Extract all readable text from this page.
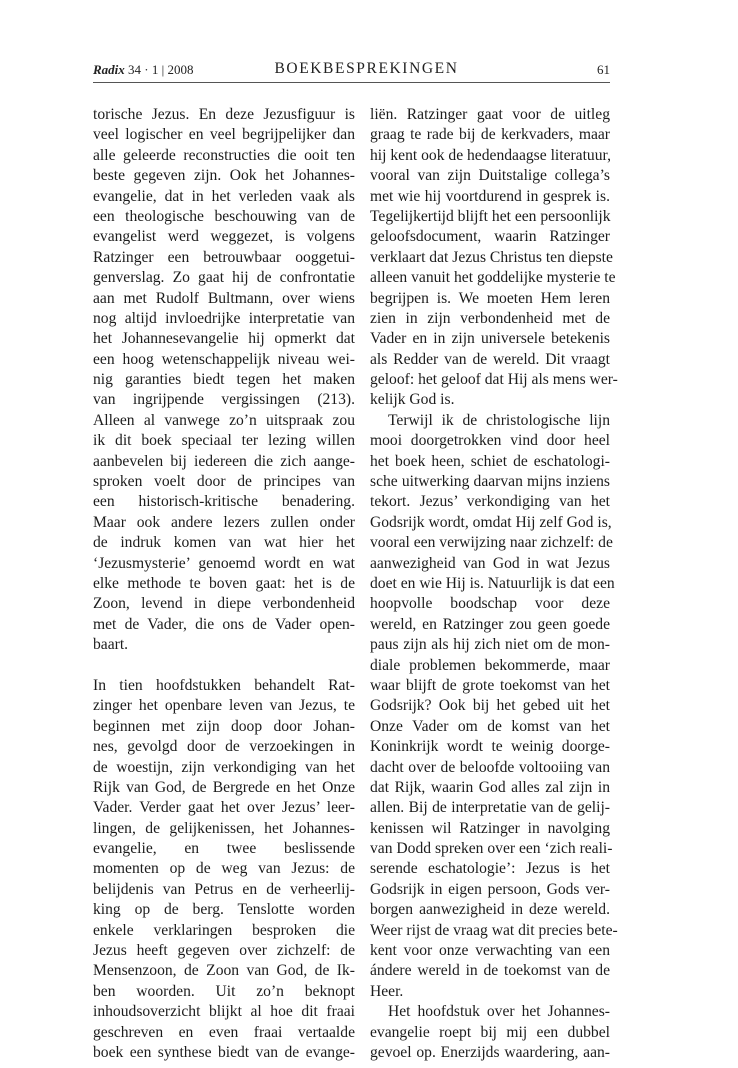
Radix 34 · 1 | 2008	BOEKBESPREKINGEN	61
torische Jezus. En deze Jezusfiguur is
veel logischer en veel begrijpelijker dan
alle geleerde reconstructies die ooit ten
beste gegeven zijn. Ook het Johannes-
evangelie, dat in het verleden vaak als
een theologische beschouwing van de
evangelist werd weggezet, is volgens
Ratzinger een betrouwbaar ooggetui-
genverslag. Zo gaat hij de confrontatie
aan met Rudolf Bultmann, over wiens
nog altijd invloedrijke interpretatie van
het Johannesevangelie hij opmerkt dat
een hoog wetenschappelijk niveau wei-
nig garanties biedt tegen het maken
van ingrijpende vergissingen (213).
Alleen al vanwege zo’n uitspraak zou
ik dit boek speciaal ter lezing willen
aanbevelen bij iedereen die zich aange-
sproken voelt door de principes van
een historisch-kritische benadering.
Maar ook andere lezers zullen onder
de indruk komen van wat hier het
‘Jezusmysterie’ genoemd wordt en wat
elke methode te boven gaat: het is de
Zoon, levend in diepe verbondenheid
met de Vader, die ons de Vader open-
baart.
In tien hoofdstukken behandelt Rat-
zinger het openbare leven van Jezus, te
beginnen met zijn doop door Johan-
nes, gevolgd door de verzoekingen in
de woestijn, zijn verkondiging van het
Rijk van God, de Bergrede en het Onze
Vader. Verder gaat het over Jezus’ leer-
lingen, de gelijkenissen, het Johannes-
evangelie, en twee beslissende
momenten op de weg van Jezus: de
belijdenis van Petrus en de verheerlij-
king op de berg. Tenslotte worden
enkele verklaringen besproken die
Jezus heeft gegeven over zichzelf: de
Mensenzoon, de Zoon van God, de Ik-
ben woorden. Uit zo’n beknopt
inhoudsoverzicht blijkt al hoe dit fraai
geschreven en even fraai vertaalde
boek een synthese biedt van de evange-
liën. Ratzinger gaat voor de uitleg
graag te rade bij de kerkvaders, maar
hij kent ook de hedendaagse literatuur,
vooral van zijn Duitstalige collega’s
met wie hij voortdurend in gesprek is.
Tegelijkertijd blijft het een persoonlijk
geloofsdocument, waarin Ratzinger
verklaart dat Jezus Christus ten diepste
alleen vanuit het goddelijke mysterie te
begrijpen is. We moeten Hem leren
zien in zijn verbondenheid met de
Vader en in zijn universele betekenis
als Redder van de wereld. Dit vraagt
geloof: het geloof dat Hij als mens wer-
kelijk God is.
Terwijl ik de christologische lijn
mooi doorgetrokken vind door heel
het boek heen, schiet de eschatologi-
sche uitwerking daarvan mijns inziens
tekort. Jezus’ verkondiging van het
Godsrijk wordt, omdat Hij zelf God is,
vooral een verwijzing naar zichzelf: de
aanwezigheid van God in wat Jezus
doet en wie Hij is. Natuurlijk is dat een
hoopvolle boodschap voor deze
wereld, en Ratzinger zou geen goede
paus zijn als hij zich niet om de mon-
diale problemen bekommerde, maar
waar blijft de grote toekomst van het
Godsrijk? Ook bij het gebed uit het
Onze Vader om de komst van het
Koninkrijk wordt te weinig doorge-
dacht over de beloofde voltooiing van
dat Rijk, waarin God alles zal zijn in
allen. Bij de interpretatie van de gelij-
kenissen wil Ratzinger in navolging
van Dodd spreken over een ‘zich reali-
serende eschatologie’: Jezus is het
Godsrijk in eigen persoon, Gods ver-
borgen aanwezigheid in deze wereld.
Weer rijst de vraag wat dit precies bete-
kent voor onze verwachting van een
ándere wereld in de toekomst van de
Heer.
Het hoofdstuk over het Johannes-
evangelie roept bij mij een dubbel
gevoel op. Enerzijds waardering, aan-
